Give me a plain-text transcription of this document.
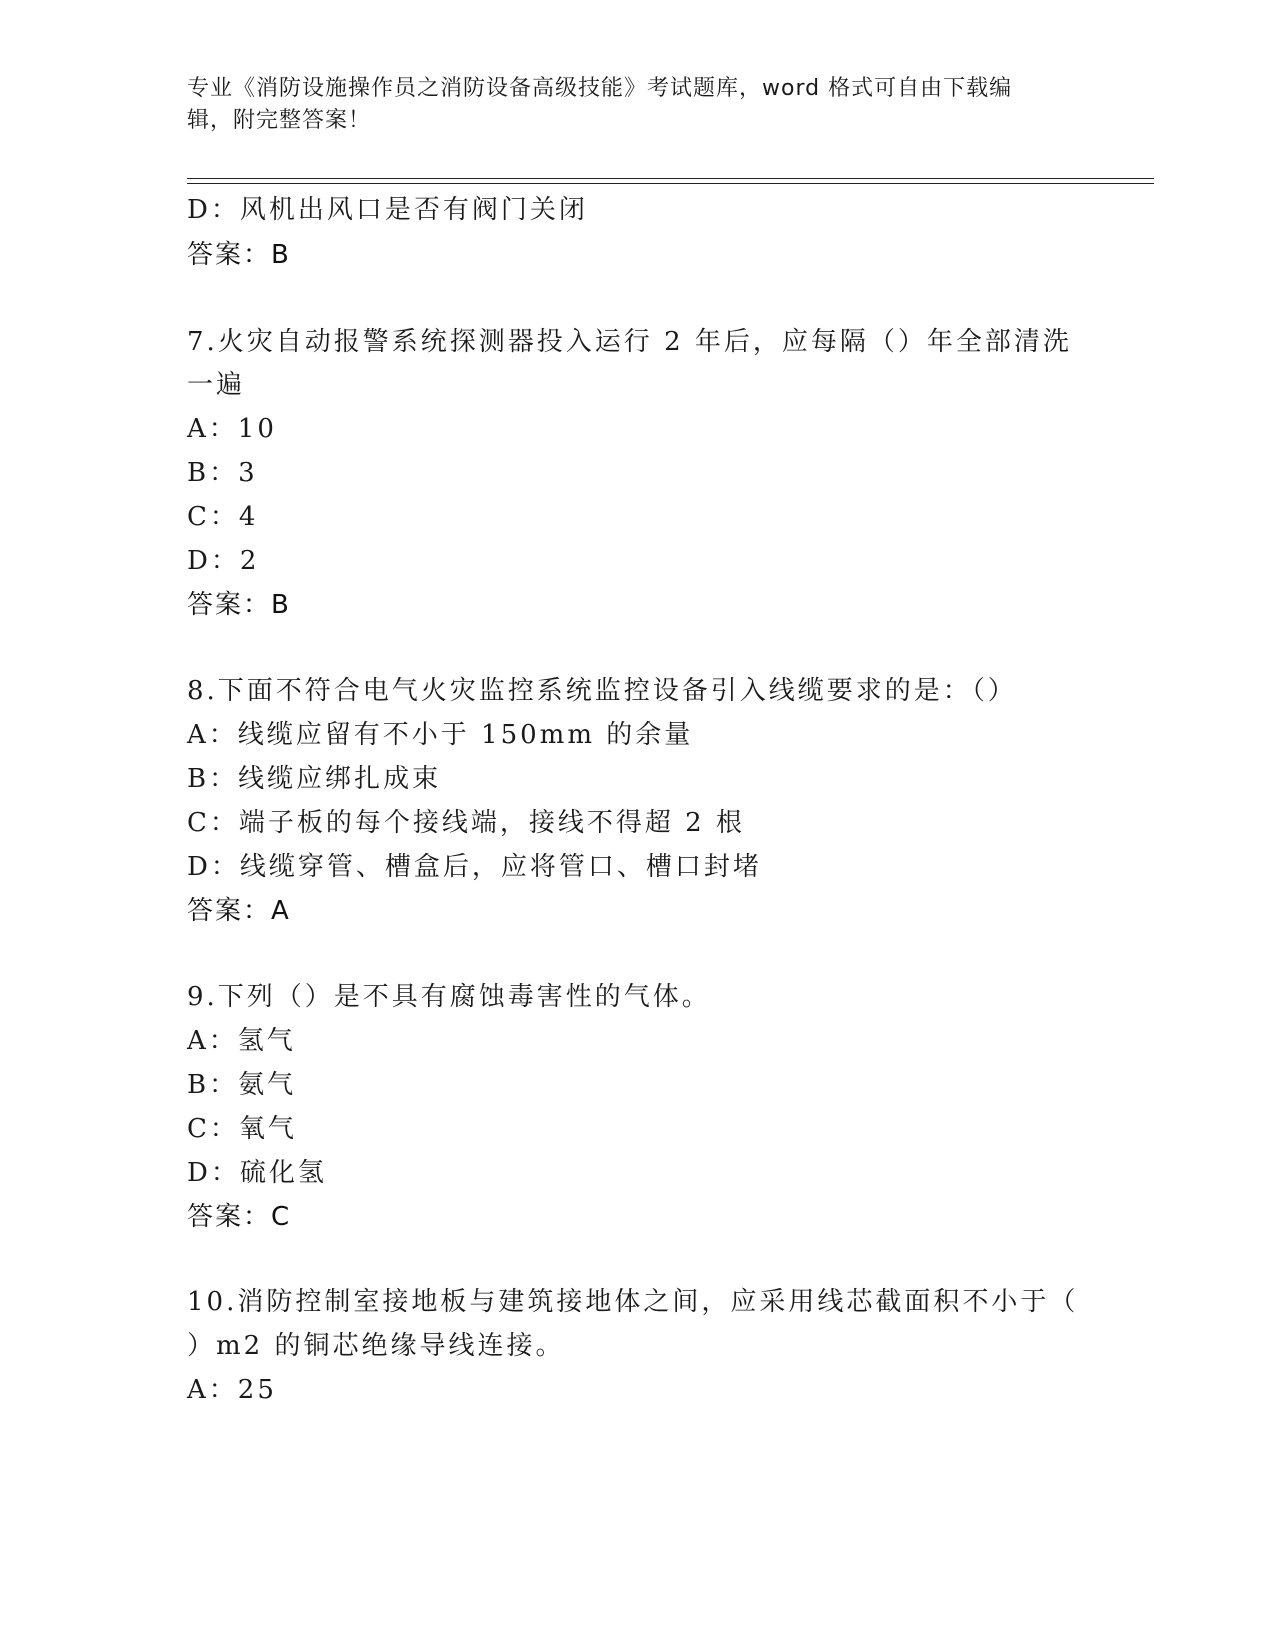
专业《消防设施操作员之消防设备高级技能》考试题库，word 格式可自由下载编
辑，附完整答案！
D：风机出风口是否有阀门关闭
答案：B
7.火灾自动报警系统探测器投入运行 2 年后，应每隔（）年全部清洗
一遍
A：10
B：3
C：4
D：2
答案：B
8.下面不符合电气火灾监控系统监控设备引入线缆要求的是：（）
A：线缆应留有不小于 150mm 的余量
B：线缆应绑扎成束
C：端子板的每个接线端，接线不得超 2 根
D：线缆穿管、槽盒后，应将管口、槽口封堵
答案：A
9.下列（）是不具有腐蚀毒害性的气体。
A：氢气
B：氨气
C：氧气
D：硫化氢
答案：C
10.消防控制室接地板与建筑接地体之间，应采用线芯截面积不小于（
）m2 的铜芯绝缘导线连接。
A：25
